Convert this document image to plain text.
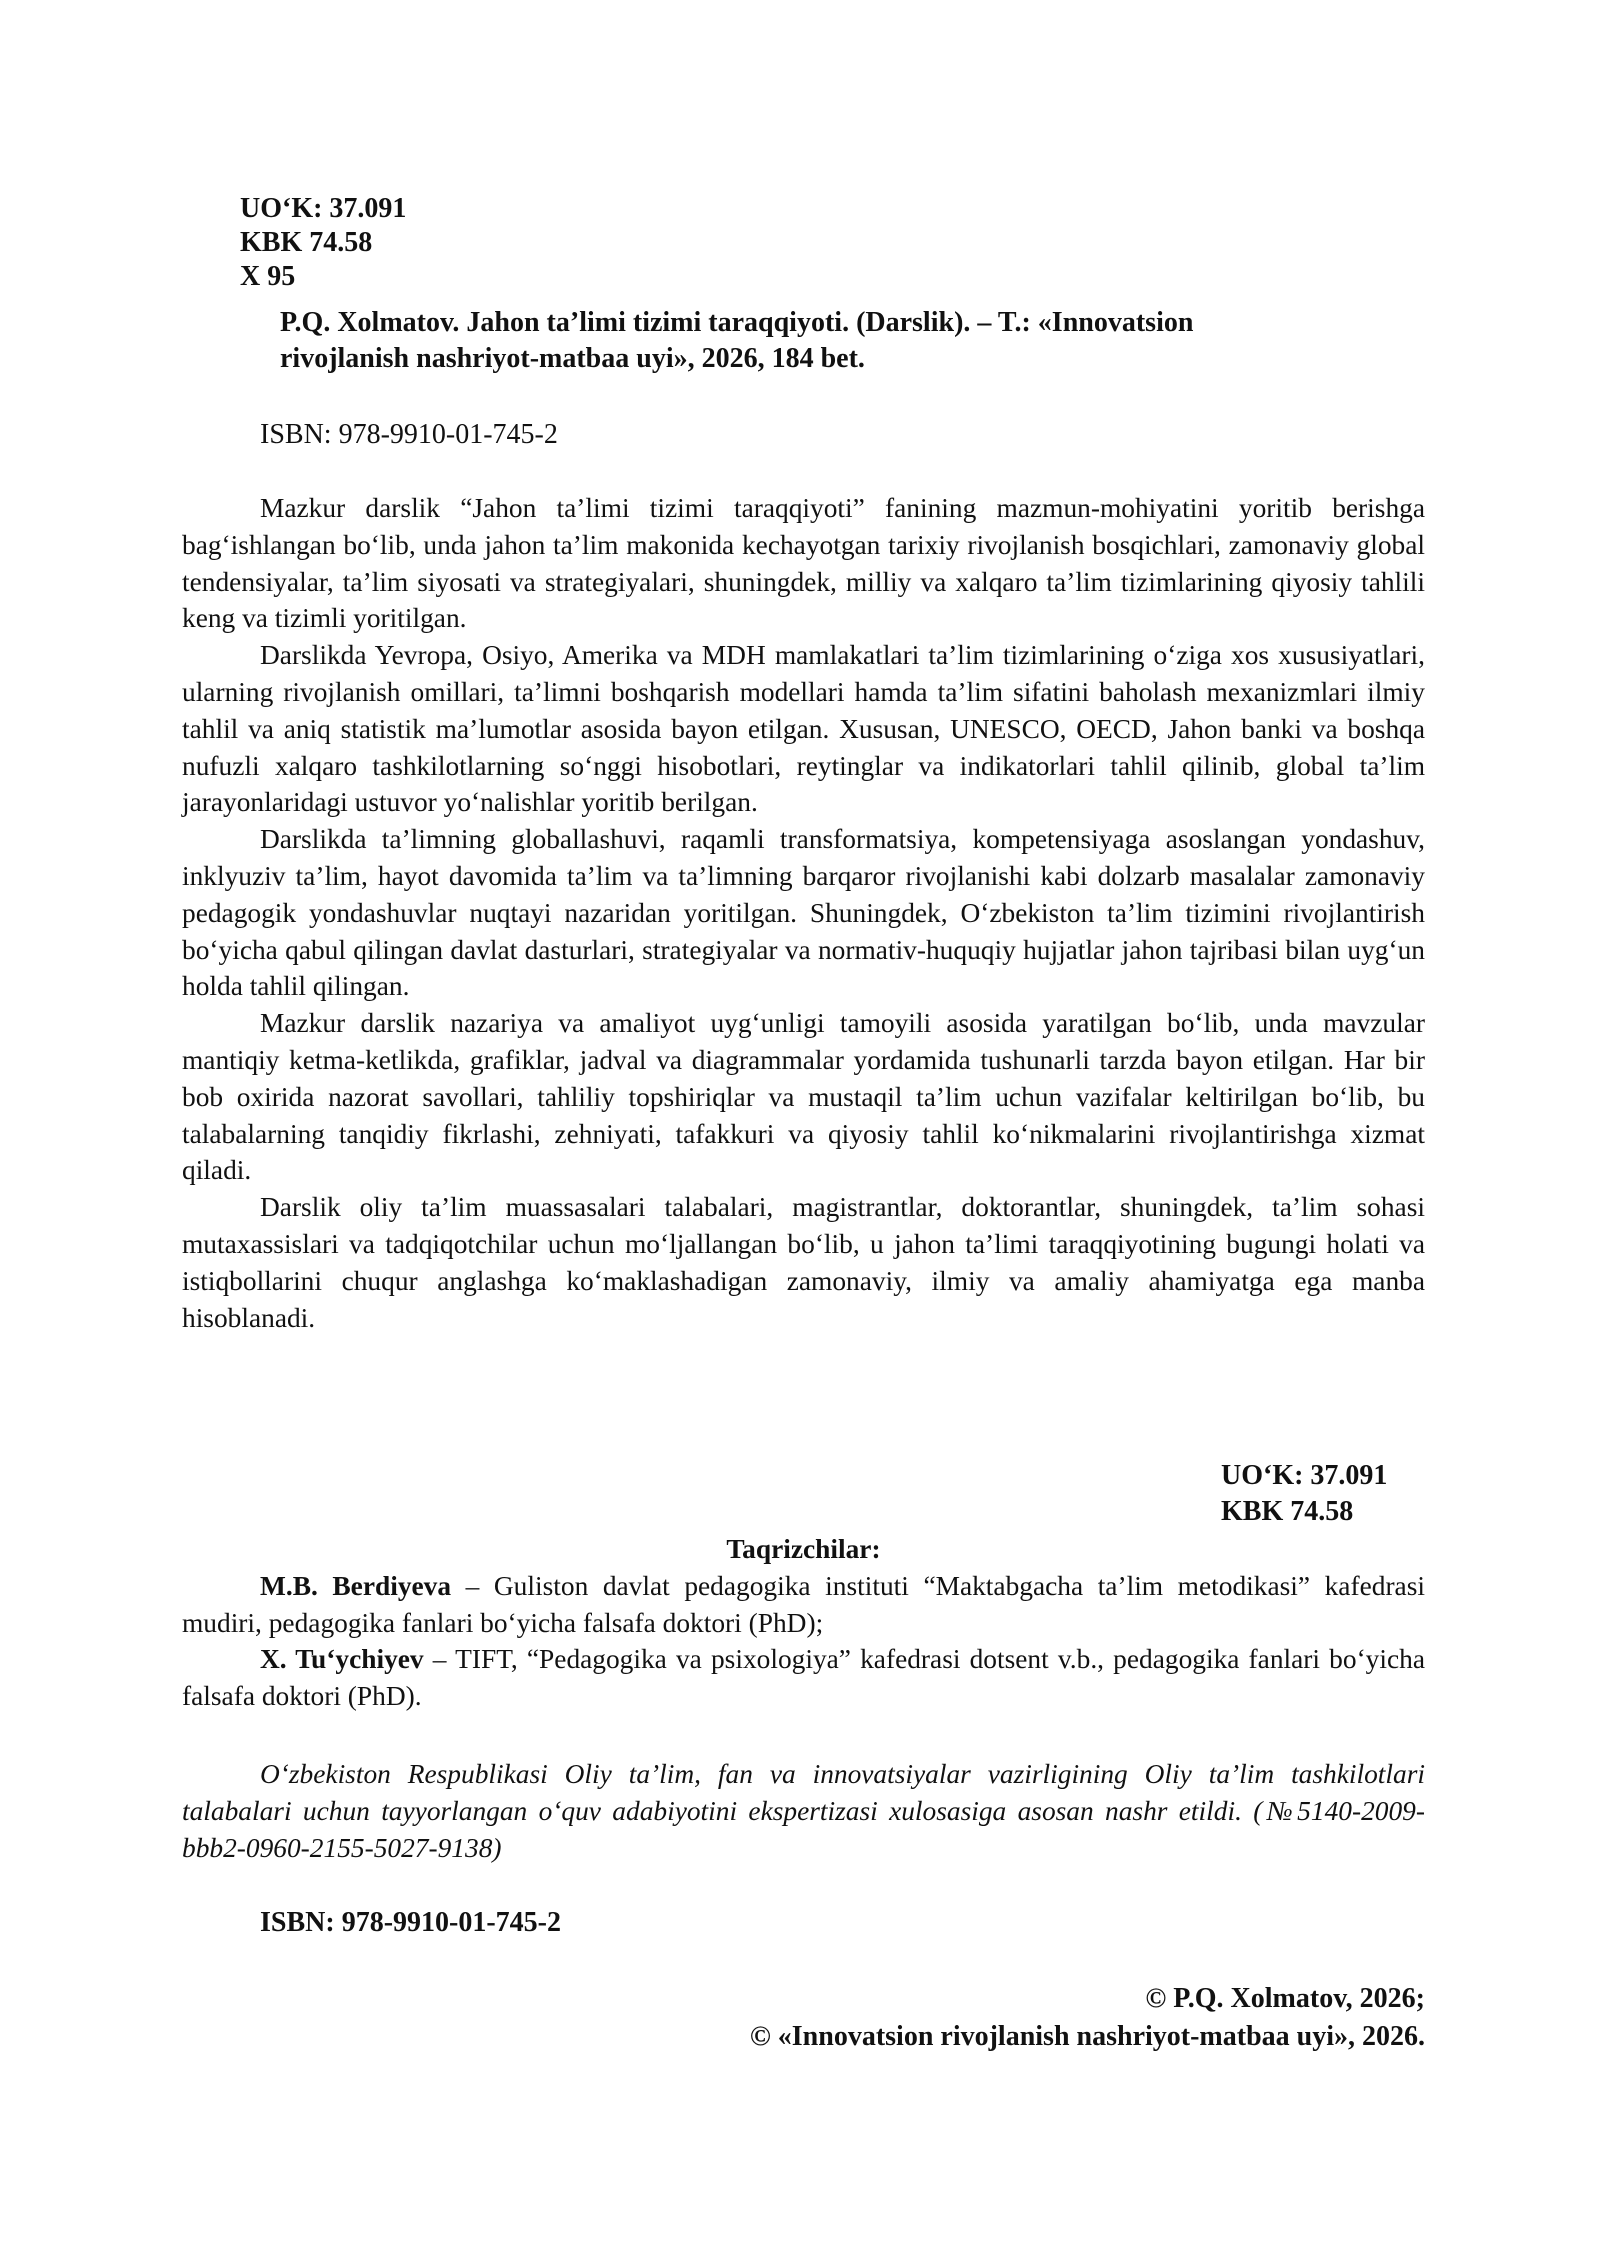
UO‘K: 37.091
KBK 74.58
X 95
P.Q. Xolmatov. Jahon ta’limi tizimi taraqqiyoti. (Darslik). – T.: «Innovatsion
rivojlanish nashriyot-matbaa uyi», 2026, 184 bet.
ISBN: 978-9910-01-745-2

Mazkur darslik “Jahon ta’limi tizimi taraqqiyoti” fanining mazmun-mohiyatini yoritib berishga bag‘ishlangan bo‘lib, unda jahon ta’lim makonida kechayotgan tarixiy rivojlanish bosqichlari, zamonaviy global tendensiyalar, ta’lim siyosati va strategiyalari, shuningdek, milliy va xalqaro ta’lim tizimlarining qiyosiy tahlili keng va tizimli yoritilgan.

Darslikda Yevropa, Osiyo, Amerika va MDH mamlakatlari ta’lim tizimlarining o‘ziga xos xususiyatlari, ularning rivojlanish omillari, ta’limni boshqarish modellari hamda ta’lim sifatini baholash mexanizmlari ilmiy tahlil va aniq statistik ma’lumotlar asosida bayon etilgan. Xususan, UNESCO, OECD, Jahon banki va boshqa nufuzli xalqaro tashkilotlarning so‘nggi hisobotlari, reytinglar va indikatorlari tahlil qilinib, global ta’lim jarayonlaridagi ustuvor yo‘nalishlar yoritib berilgan.

Darslikda ta’limning globallashuvi, raqamli transformatsiya, kompetensiyaga asoslangan yondashuv, inklyuziv ta’lim, hayot davomida ta’lim va ta’limning barqaror rivojlanishi kabi dolzarb masalalar zamonaviy pedagogik yondashuvlar nuqtayi nazaridan yoritilgan. Shuningdek, O‘zbekiston ta’lim tizimini rivojlantirish bo‘yicha qabul qilingan davlat dasturlari, strategiyalar va normativ-huquqiy hujjatlar jahon tajribasi bilan uyg‘un holda tahlil qilingan.

Mazkur darslik nazariya va amaliyot uyg‘unligi tamoyili asosida yaratilgan bo‘lib, unda mavzular mantiqiy ketma-ketlikda, grafiklar, jadval va diagrammalar yordamida tushunarli tarzda bayon etilgan. Har bir bob oxirida nazorat savollari, tahliliy topshiriqlar va mustaqil ta’lim uchun vazifalar keltirilgan bo‘lib, bu talabalarning tanqidiy fikrlashi, zehniyati, tafakkuri va qiyosiy tahlil ko‘nikmalarini rivojlantirishga xizmat qiladi.

Darslik oliy ta’lim muassasalari talabalari, magistrantlar, doktorantlar, shuningdek, ta’lim sohasi mutaxassislari va tadqiqotchilar uchun mo‘ljallangan bo‘lib, u jahon ta’limi taraqqiyotining bugungi holati va istiqbollarini chuqur anglashga ko‘maklashadigan zamonaviy, ilmiy va amaliy ahamiyatga ega manba hisoblanadi.

UO‘K: 37.091
KBK 74.58
Taqrizchilar:

M.B. Berdiyeva – Guliston davlat pedagogika instituti “Maktabgacha ta’lim metodikasi” kafedrasi mudiri, pedagogika fanlari bo‘yicha falsafa doktori (PhD);

X. Tu‘ychiyev – TIFT, “Pedagogika va psixologiya” kafedrasi dotsent v.b., pedagogika fanlari bo‘yicha falsafa doktori (PhD).

O‘zbekiston Respublikasi Oliy ta’lim, fan va innovatsiyalar vazirligining Oliy ta’lim tashkilotlari talabalari uchun tayyorlangan o‘quv adabiyotini ekspertizasi xulosasiga asosan nashr etildi. (№5140-2009-bbb2-0960-2155-5027-9138)

ISBN: 978-9910-01-745-2
© P.Q. Xolmatov, 2026;
© «Innovatsion rivojlanish nashriyot-matbaa uyi», 2026.
